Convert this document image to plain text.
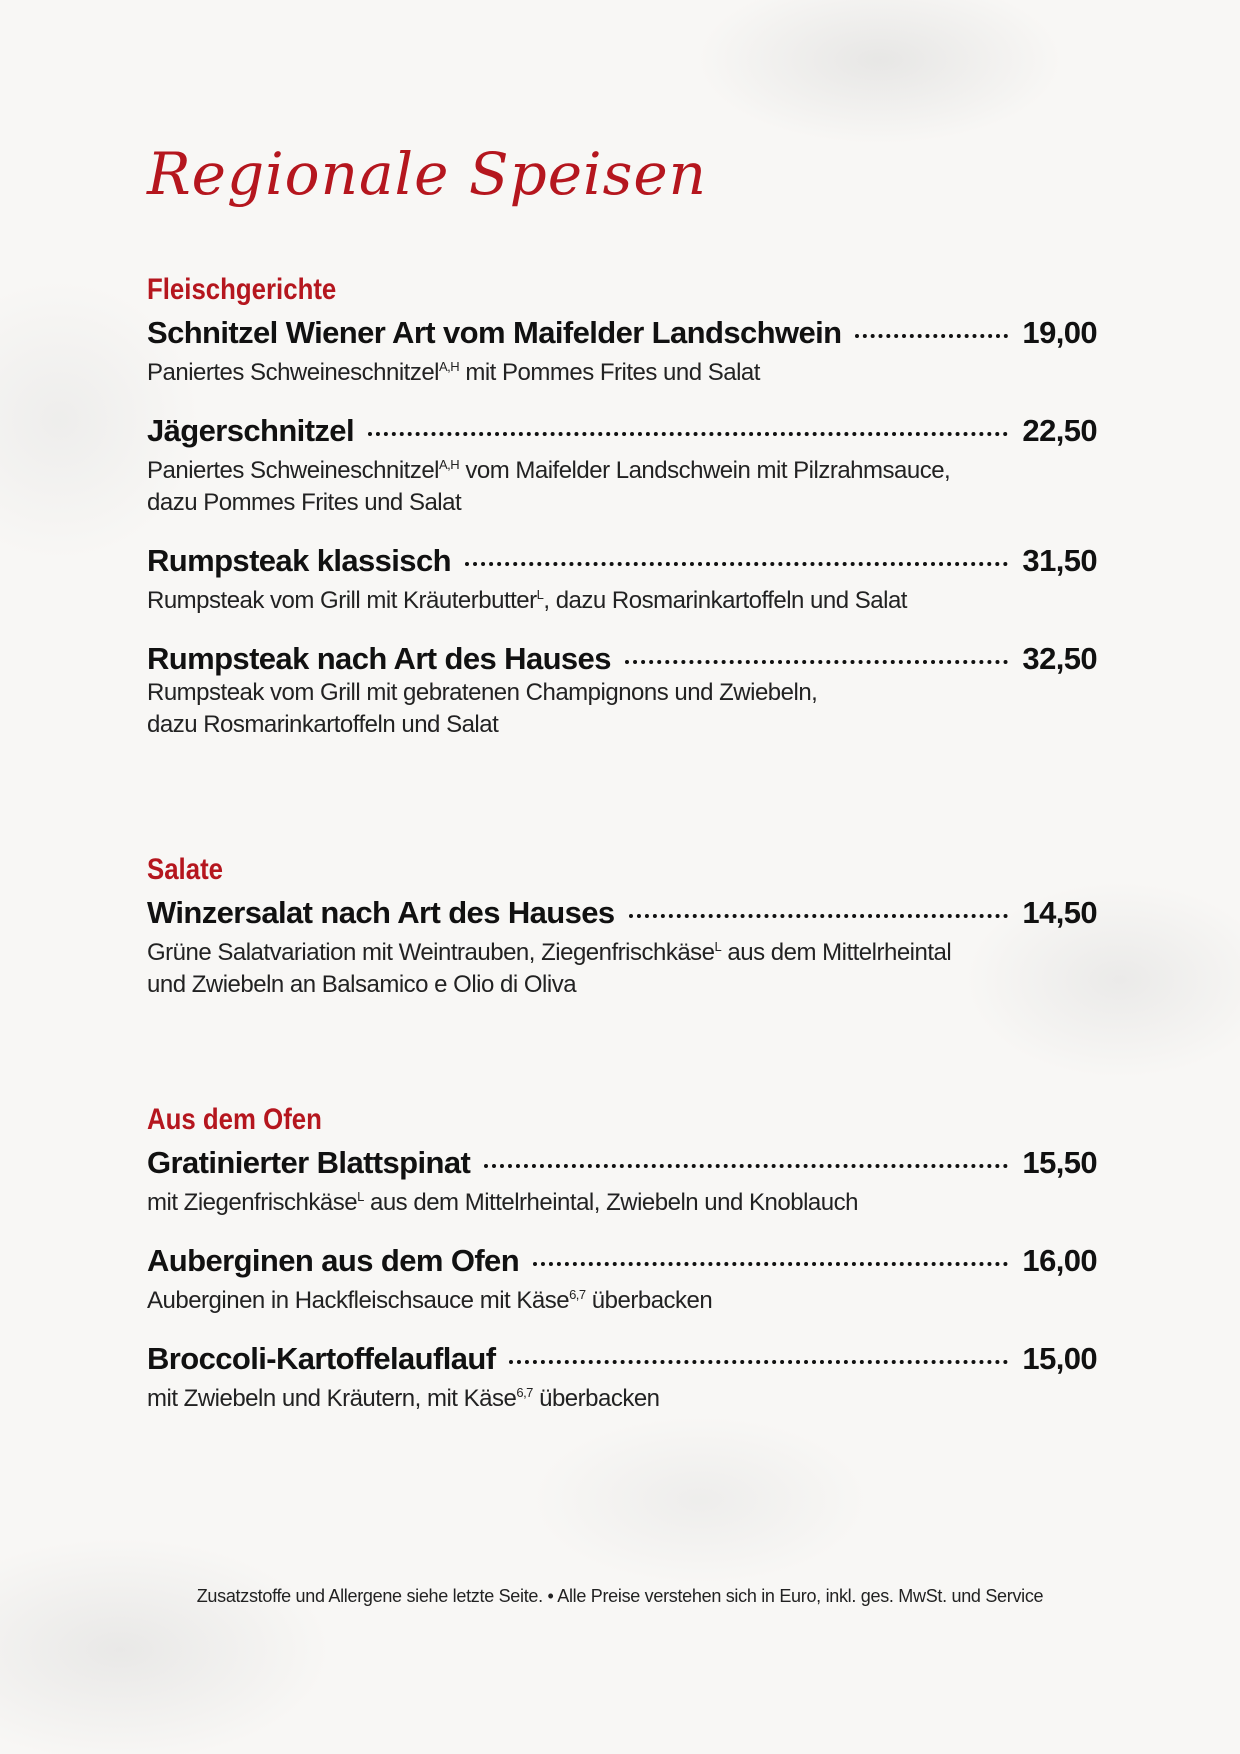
Regionale Speisen
Fleischgerichte
Schnitzel Wiener Art vom Maifelder Landschwein	19,00
Paniertes Schweineschnitzel$^{A,H}$ mit Pommes Frites und Salat
Jägerschnitzel	22,50
Paniertes Schweineschnitzel$^{A,H}$ vom Maifelder Landschwein mit Pilzrahmsauce,
dazu Pommes Frites und Salat
Rumpsteak klassisch	31,50
Rumpsteak vom Grill mit Kräuterbutter$^L$, dazu Rosmarinkartoffeln und Salat
Rumpsteak nach Art des Hauses	32,50
Rumpsteak vom Grill mit gebratenen Champignons und Zwiebeln,
dazu Rosmarinkartoffeln und Salat
Salate
Winzersalat nach Art des Hauses	14,50
Grüne Salatvariation mit Weintrauben, Ziegenfrischkäse$^L$ aus dem Mittelrheintal
und Zwiebeln an Balsamico e Olio di Oliva
Aus dem Ofen
Gratinierter Blattspinat	15,50
mit Ziegenfrischkäse$^L$ aus dem Mittelrheintal, Zwiebeln und Knoblauch
Auberginen aus dem Ofen	16,00
Auberginen in Hackfleischsauce mit Käse$^{6,7}$ überbacken
Broccoli-Kartoffelauflauf	15,00
mit Zwiebeln und Kräutern, mit Käse$^{6,7}$ überbacken
Zusatzstoffe und Allergene siehe letzte Seite. • Alle Preise verstehen sich in Euro, inkl. ges. MwSt. und Service
